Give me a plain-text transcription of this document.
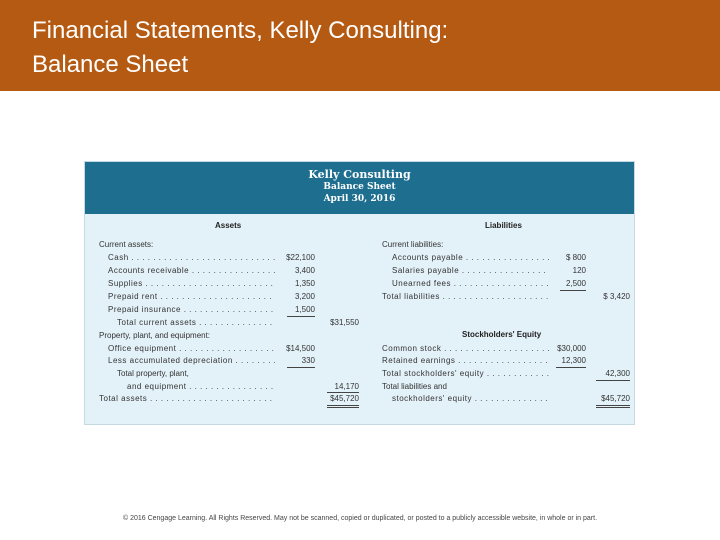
Financial Statements, Kelly Consulting:
Balance Sheet
Kelly Consulting
Balance Sheet
April 30, 2016
Assets	Liabilities
Current assets:
Cash . . .	$22,100
Accounts receivable . . .	3,400
Supplies . . .	1,350
Prepaid rent . . .	3,200
Prepaid insurance . . .	1,500
Total current assets . . .	$31,550
Property, plant, and equipment:
Office equipment . . .	$14,500
Less accumulated depreciation . . .	330
Total property, plant,
and equipment . . .	14,170
Total assets . . .	$45,720
Current liabilities:
Accounts payable . . .	$ 800
Salaries payable . . .	120
Unearned fees . . .	2,500
Total liabilities . . .	$ 3,420
Stockholders' Equity
Common stock . . .	$30,000
Retained earnings . . .	12,300
Total stockholders' equity . . .	42,300
Total liabilities and
stockholders' equity . . .	$45,720
© 2016 Cengage Learning. All Rights Reserved. May not be scanned, copied or duplicated, or posted to a publicly accessible website, in whole or in part.
